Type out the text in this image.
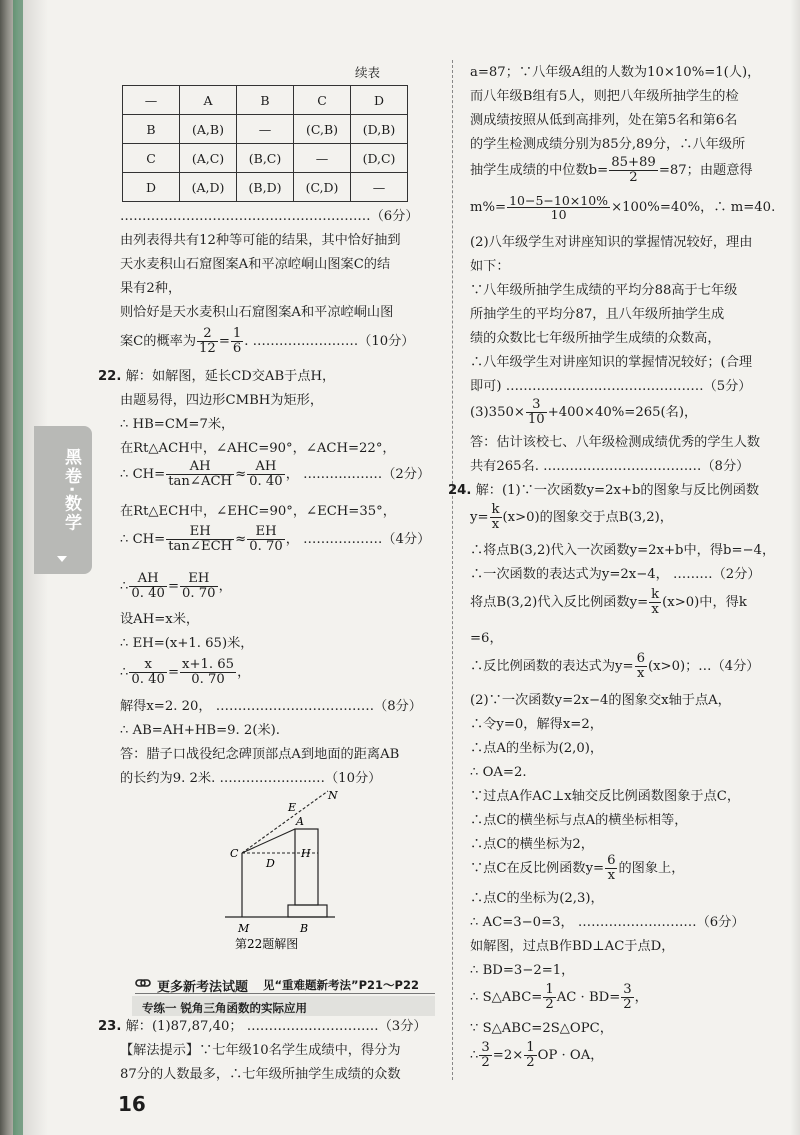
黑卷·数学
续表
—	A	B	C	D
B	(A,B)	—	(C,B)	(D,B)
C	(A,C)	(B,C)	—	(D,C)
D	(A,D)	(B,D)	(C,D)	—
…………………………………………………（6分）
由列表得共有12种等可能的结果，其中恰好抽到
天水麦积山石窟图案A和平凉崆峒山图案C的结
果有2种，
则恰好是天水麦积山石窟图案A和平凉崆峒山图
案C的概率为 $\frac{2}{12} = \frac{1}{6}$ . ……………………（10分）
22. 解：如解图，延长CD交AB于点H，
由题易得，四边形CMBH为矩形，
∴ HB=CM=7米，
在Rt△ACH中，∠AHC=90°，∠ACH=22°，
∴ $CH= \frac{AH}{\text{tan∠ACH}} \approx \frac{AH}{0. 40}$ ， ………………（2分）
在Rt△ECH中，∠EHC=90°，∠ECH=35°，
∴ $CH= \frac{EH}{\text{tan∠ECH}} \approx \frac{EH}{0. 70}$ ， ………………（4分）
∴ $\frac{AH}{0. 40} = \frac{EH}{0. 70}$ ，
设AH=x米，
∴ EH=(x+1. 65)米，
∴ $\frac{x}{0. 40} = \frac{x+1. 65}{0. 70}$ ，
解得x=2. 20， ………………………………（8分）
∴ AB=AH+HB=9. 2(米).
答：腊子口战役纪念碑顶部点A到地面的距离AB
的长约为9. 2米. ……………………（10分）
E
N
A
C
D
H
M	B
第22题解图
更多新考法试题 见“重难题新考法”P21～P22
专练一 锐角三角函数的实际应用
23. 解：(1)87,87,40； …………………………（3分）
【解法提示】∵七年级10名学生成绩中，得分为
87分的人数最多，∴七年级所抽学生成绩的众数
16
a=87；∵八年级A组的人数为10×10%=1(人)，
而八年级B组有5人，则把八年级所抽学生的检
测成绩按照从低到高排列，处在第5名和第6名
的学生检测成绩分别为85分,89分，∴八年级所
抽学生成绩的中位数$b= \frac{85+89}{2} =87$；由题意得
$m\%= \frac{10-5-10\times 10\%}{10} \times 100\%=40\%$，∴ m=40.
(2)八年级学生对讲座知识的掌握情况较好，理由
如下：
∵八年级所抽学生成绩的平均分88高于七年级
所抽学生的平均分87，且八年级所抽学生成
绩的众数比七年级所抽学生成绩的众数高，
∴八年级学生对讲座知识的掌握情况较好；(合理
即可) ………………………………………（5分）
$(3)350\times \frac{3}{10} +400\times 40\%=265$(名)，
答：估计该校七、八年级检测成绩优秀的学生人数
共有265名. ………………………………（8分）
24. 解：(1)∵一次函数y=2x+b的图象与反比例函数
$y= \frac{k}{x} (x>0)$的图象交于点B(3,2)，
∴将点B(3,2)代入一次函数y=2x+b中，得b=−4，
∴一次函数的表达式为y=2x−4， ………（2分）
将点B(3,2)代入反比例函数$y= \frac{k}{x} (x>0)$中，得k
=6，
∴反比例函数的表达式为$y= \frac{6}{x} (x>0)$；…（4分）
(2)∵一次函数y=2x−4的图象交x轴于点A，
∴令y=0，解得x=2，
∴点A的坐标为(2,0)，
∴ OA=2.
∵过点A作AC⊥x轴交反比例函数图象于点C，
∴点C的横坐标与点A的横坐标相等，
∴点C的横坐标为2，
∵点C在反比例函数$y= \frac{6}{x}$ 的图象上，
∴点C的坐标为(2,3)，
∴ AC=3−0=3， ………………………（6分）
如解图，过点B作BD⊥AC于点D，
∴ BD=3−2=1，
∴ S△ABC= $\frac{1}{2}$ AC · $BD= \frac{3}{2}$ ，
∵ S△ABC=2S△OPC，
∴ $\frac{3}{2} =2\times \frac{1}{2}$ OP · OA，
